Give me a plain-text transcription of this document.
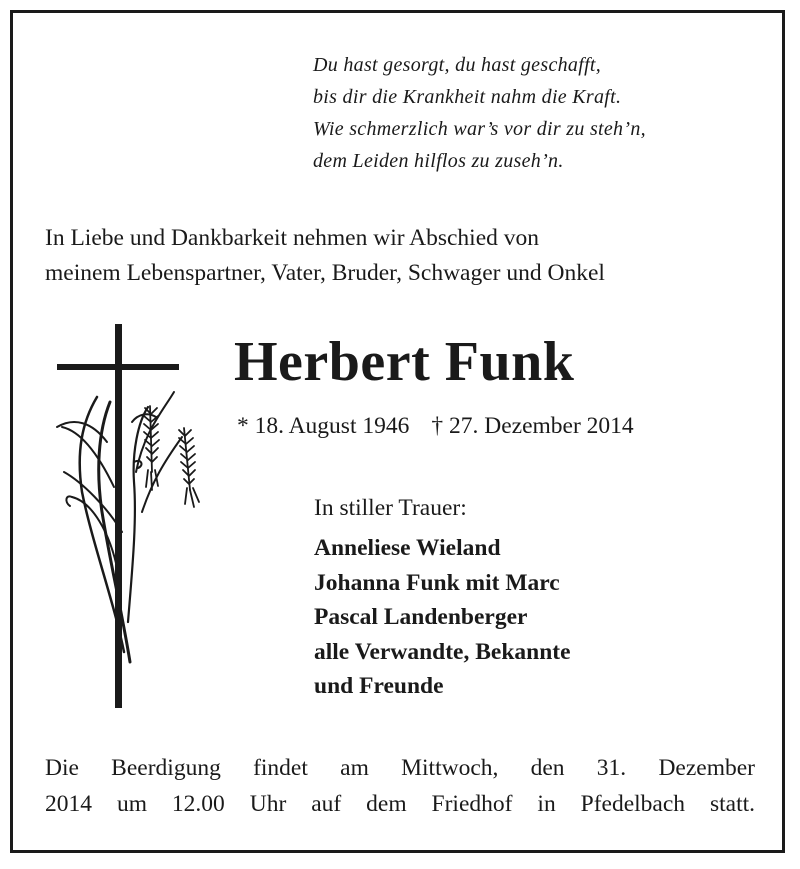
Du hast gesorgt, du hast geschafft,
bis dir die Krankheit nahm die Kraft.
Wie schmerzlich war’s vor dir zu steh’n,
dem Leiden hilflos zu zuseh’n.
In Liebe und Dankbarkeit nehmen wir Abschied von
meinem Lebenspartner, Vater, Bruder, Schwager und Onkel
Herbert Funk
* 18. August 1946 † 27. Dezember 2014
In stiller Trauer:
Anneliese Wieland
Johanna Funk mit Marc
Pascal Landenberger
alle Verwandte, Bekannte
und Freunde
Die Beerdigung findet am Mittwoch, den 31. Dezember
2014 um 12.00 Uhr auf dem Friedhof in Pfedelbach statt.
